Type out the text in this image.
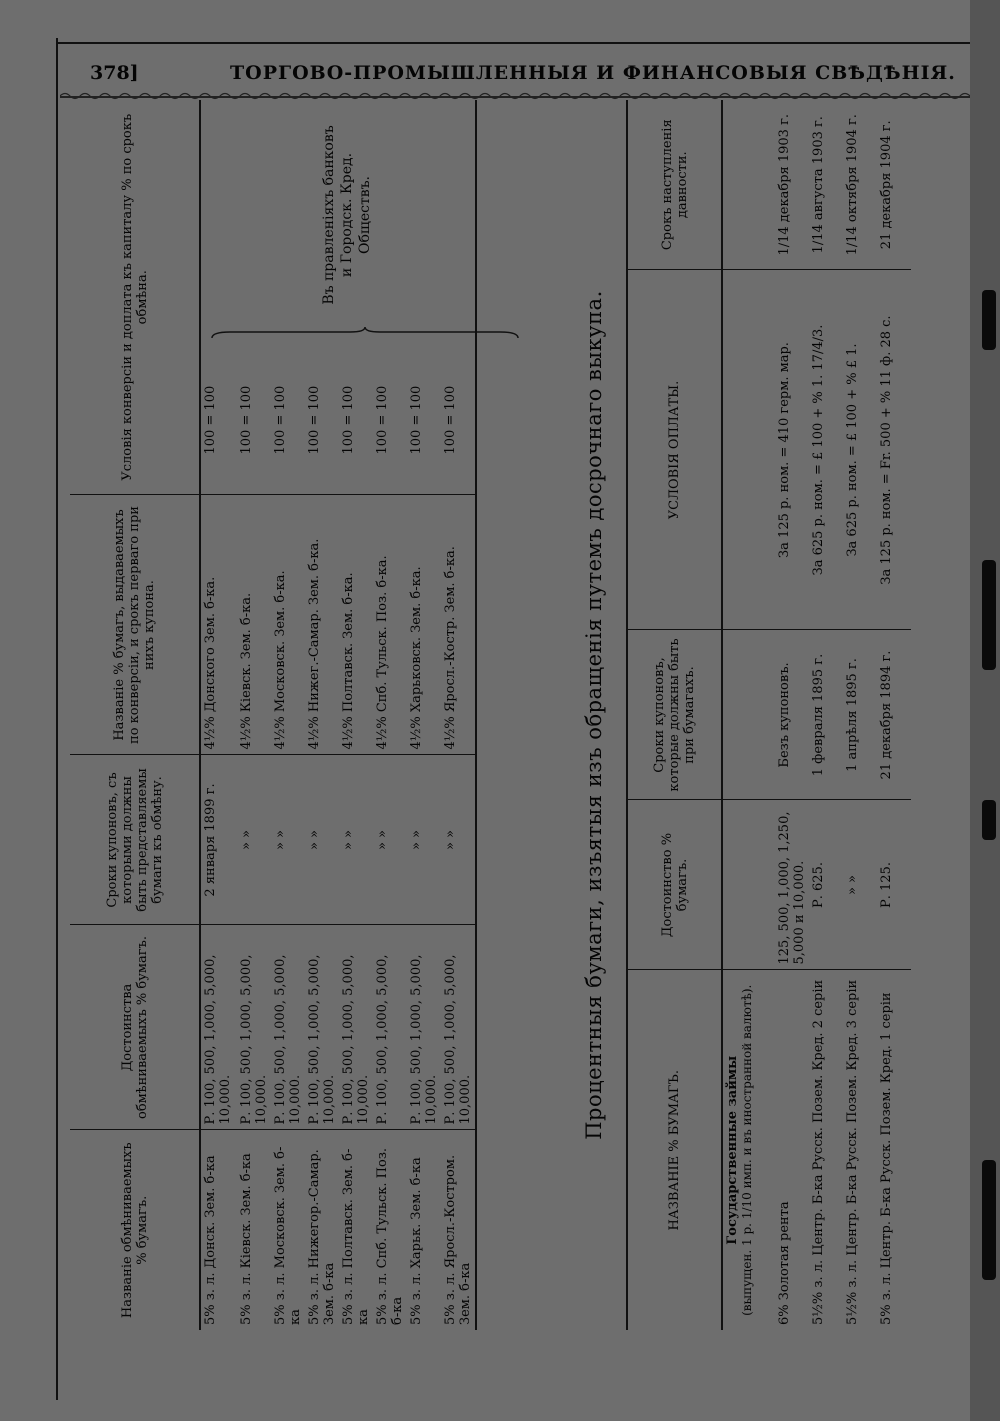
378]	ТОРГОВО-ПРОМЫШЛЕННЫЯ И ФИНАНСОВЫЯ СВѢДѢНІЯ.
Названіе обмѣниваемыхъ % бумагъ.	Достоинства обмѣниваемыхъ % бумагъ.	Сроки купоновъ, съ которыми должны быть представляемы бумаги къ обмѣну.	Названіе % бумагъ, выдаваемыхъ по конверсіи, и срокъ перваго при нихъ купона.	Условія конверсіи и доплата къ капиталу % по срокъ обмѣна.
5% з. л. Донск. Зем. б-ка	Р. 100, 500, 1,000, 5,000, 10,000.	2 января 1899 г.	4½% Донского Зем. б-ка.	100 = 100
5% з. л. Кіевск. Зем. б-ка	Р. 100, 500, 1,000, 5,000, 10,000.	» »	4½% Кіевск. Зем. б-ка.	100 = 100
5% з. л. Московск. Зем. б-ка	Р. 100, 500, 1,000, 5,000, 10,000.	» »	4½% Московск. Зем. б-ка.	100 = 100
5% з. л. Нижегор.-Самар. Зем. б-ка	Р. 100, 500, 1,000, 5,000, 10,000.	» »	4½% Нижег.-Самар. Зем. б-ка.	100 = 100
5% з. л. Полтавск. Зем. б-ка	Р. 100, 500, 1,000, 5,000, 10,000.	» »	4½% Полтавск. Зем. б-ка.	100 = 100
5% з. л. Спб. Тульск. Поз. б-ка	Р. 100, 500, 1,000, 5,000,	» »	4½% Спб. Тульск. Поз. б-ка.	100 = 100
5% з. л. Харьк. Зем. б-ка	Р. 100, 500, 1,000, 5,000, 10,000.	» »	4½% Харьковск. Зем. б-ка.	100 = 100
5% з. л. Яросл.-Костром. Зем. б-ка	Р. 100, 500, 1,000, 5,000, 10,000.	» »	4½% Яросл.-Костр. Зем. б-ка.	100 = 100
Въ правленіяхъ банковъ и Городск. Кред. Обществъ.
Процентныя бумаги, изъятыя изъ обращенія путемъ досрочнаго выкупа.
НАЗВАНІЕ % БУМАГЪ.	Достоинство % бумагъ.	Сроки купоновъ, которые должны быть при бумагахъ.	УСЛОВІЯ ОПЛАТЫ.	Срокъ наступленія давности.

Государственные займы (выпущен. 1 р. 1/10 имп. и въ иностранной валютѣ).				

6% Золотая рента	125, 500, 1,000, 1,250, 5,000 и 10,000.	Безъ купоновъ.	За 125 р. ном. = 410 герм. мар.	1/14 декабря 1903 г.
5½% з. л. Центр. Б-ка Русск. Позем. Кред. 2 серіи	Р. 625.	1 февраля 1895 г.	За 625 р. ном. = £ 100 + % 1. 17/4/3.	1/14 августа 1903 г.
5½% з. л. Центр. Б-ка Русск. Позем. Кред. 3 серіи	» »	1 апрѣля 1895 г.	За 625 р. ном. = £ 100 + % £ 1.	1/14 октября 1904 г.
5% з. л. Центр. Б-ка Русск. Позем. Кред. 1 серіи	Р. 125.	21 декабря 1894 г.	За 125 р. ном. = Fr. 500 + % 11 ф. 28 с.	21 декабря 1904 г.
